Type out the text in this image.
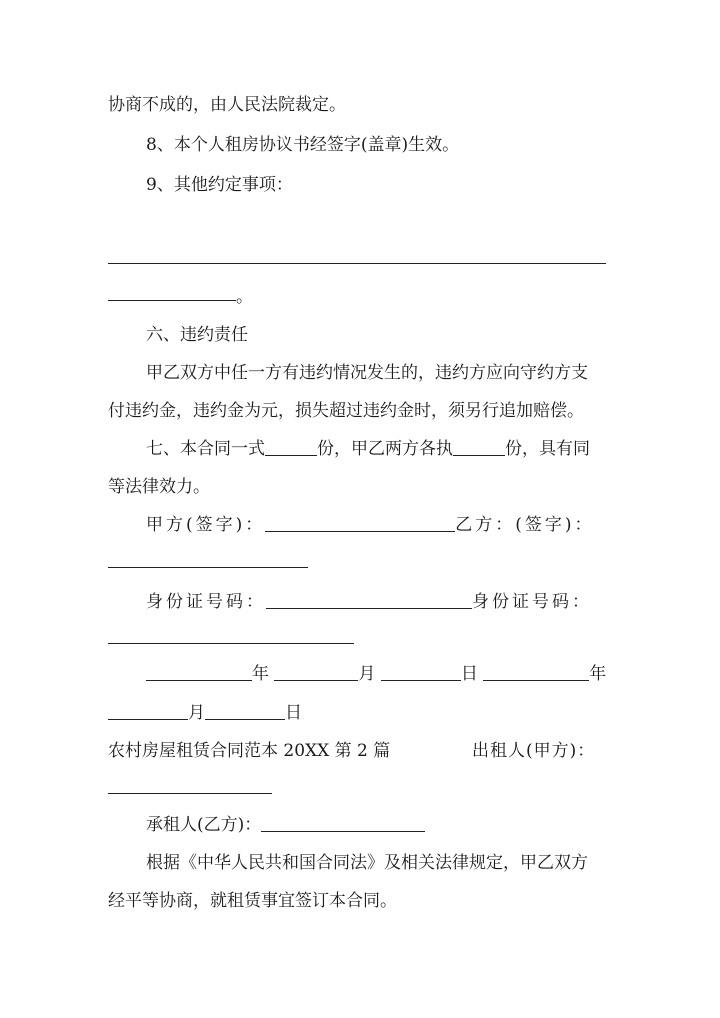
协商不成的，由人民法院裁定。
8、本个人租房协议书经签字(盖章)生效。
9、其他约定事项：
。
六、违约责任
甲乙双方中任一方有违约情况发生的，违约方应向守约方支
付违约金，违约金为元，损失超过违约金时，须另行追加赔偿。
七、本合同一式	份，甲乙两方各执	份，具有同
等法律效力。
甲方(签字)：	乙方：(签字)：
身份证号码：	身份证号码：
年	月	日	年
月	日
农村房屋租赁合同范本 20XX 第 2 篇	出租人(甲方)：
承租人(乙方)：
根据《中华人民共和国合同法》及相关法律规定，甲乙双方
经平等协商，就租赁事宜签订本合同。
